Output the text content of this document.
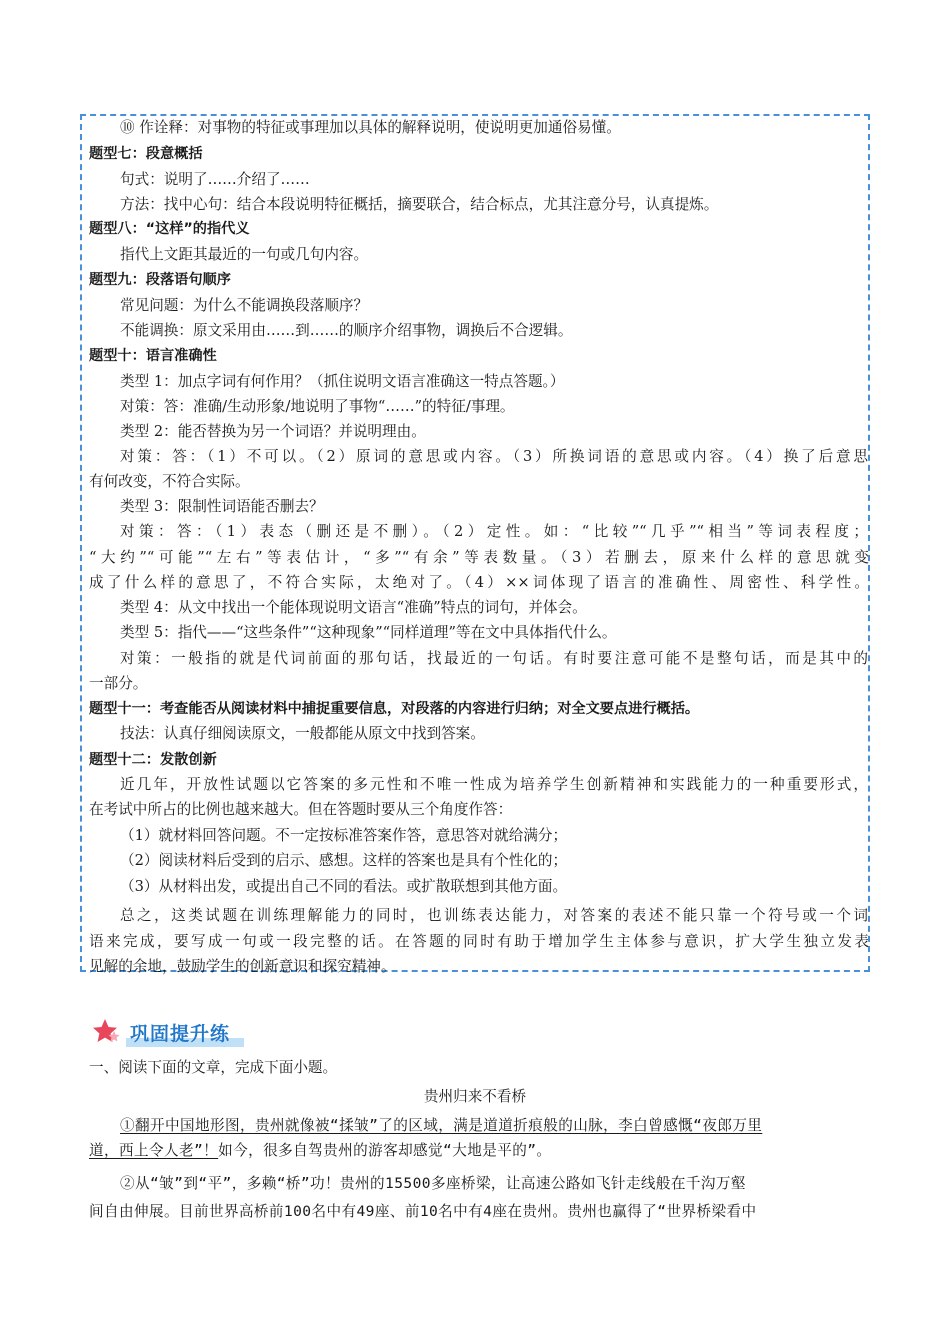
⑩ 作诠释：对事物的特征或事理加以具体的解释说明，使说明更加通俗易懂。
题型七：段意概括
句式：说明了……介绍了……
方法：找中心句：结合本段说明特征概括，摘要联合，结合标点，尤其注意分号，认真提炼。
题型八：“这样”的指代义
指代上文距其最近的一句或几句内容。
题型九：段落语句顺序
常见问题：为什么不能调换段落顺序？
不能调换：原文采用由……到……的顺序介绍事物，调换后不合逻辑。
题型十：语言准确性
类型 1：加点字词有何作用？（抓住说明文语言准确这一特点答题。）
对策：答：准确/生动形象/地说明了事物“……”的特征/事理。
类型 2：能否替换为另一个词语？并说明理由。
对策：答：（1）不可以。（2）原词的意思或内容。（3）所换词语的意思或内容。（4）换了后意思
有何改变，不符合实际。
类型 3：限制性词语能否删去？
对策：答：（1）表态（删还是不删）。（2）定性。如：“比较”“几乎”“相当”等词表程度；
“大约”“可能”“左右”等表估计，“多”“有余”等表数量。（3）若删去，原来什么样的意思就变
成了什么样的意思了，不符合实际，太绝对了。（4）××词体现了语言的准确性、周密性、科学性。
类型 4：从文中找出一个能体现说明文语言“准确”特点的词句，并体会。
类型 5：指代——“这些条件”“这种现象”“同样道理”等在文中具体指代什么。
对策：一般指的就是代词前面的那句话，找最近的一句话。有时要注意可能不是整句话，而是其中的
一部分。
题型十一：考查能否从阅读材料中捕捉重要信息，对段落的内容进行归纳；对全文要点进行概括。
技法：认真仔细阅读原文，一般都能从原文中找到答案。
题型十二：发散创新
近几年，开放性试题以它答案的多元性和不唯一性成为培养学生创新精神和实践能力的一种重要形式，
在考试中所占的比例也越来越大。但在答题时要从三个角度作答：
（1）就材料回答问题。不一定按标准答案作答，意思答对就给满分；
（2）阅读材料后受到的启示、感想。这样的答案也是具有个性化的；
（3）从材料出发，或提出自己不同的看法。或扩散联想到其他方面。
总之，这类试题在训练理解能力的同时，也训练表达能力，对答案的表述不能只靠一个符号或一个词
语来完成，要写成一句或一段完整的话。在答题的同时有助于增加学生主体参与意识，扩大学生独立发表
见解的余地，鼓励学生的创新意识和探究精神。
巩固提升练
一、阅读下面的文章，完成下面小题。
贵州归来不看桥
①翻开中国地形图，贵州就像被“揉皱”了的区域，满是道道折痕般的山脉，李白曾感慨“夜郎万里
道，西上令人老”！如今，很多自驾贵州的游客却感觉“大地是平的”。
②从“皱”到“平”，多赖“桥”功！贵州的15500多座桥梁，让高速公路如飞针走线般在千沟万壑
间自由伸展。目前世界高桥前100名中有49座、前10名中有4座在贵州。贵州也赢得了“世界桥梁看中
